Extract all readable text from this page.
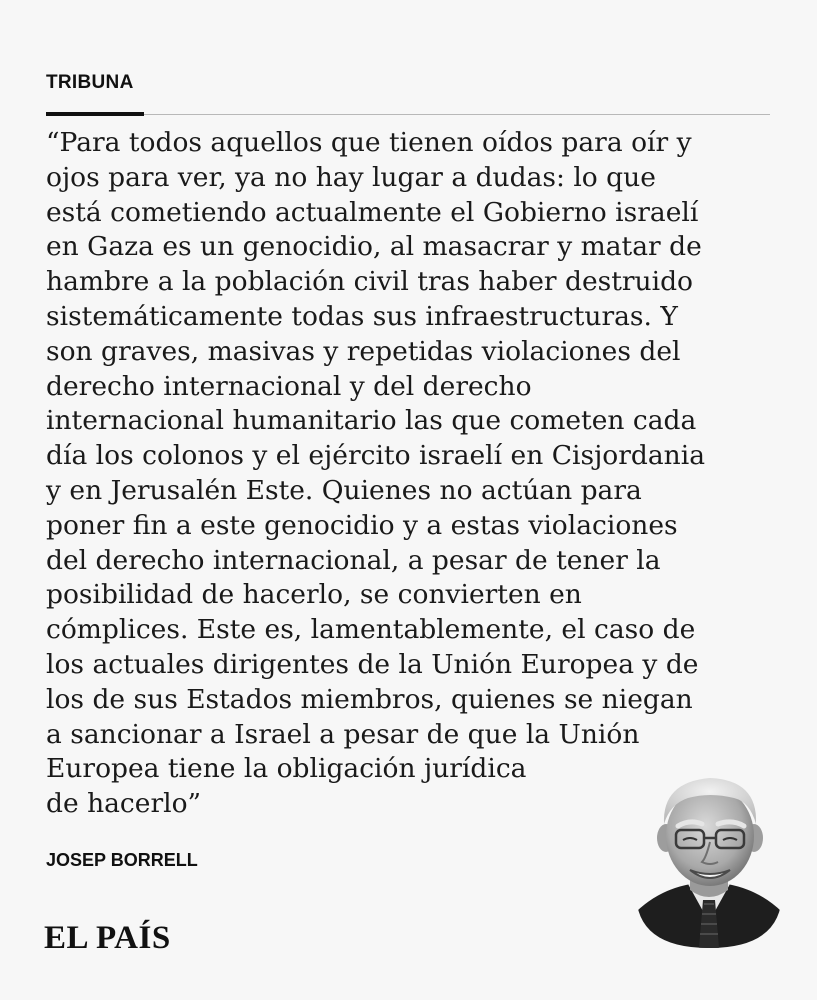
TRIBUNA
“Para todos aquellos que tienen oídos para oír y
ojos para ver, ya no hay lugar a dudas: lo que
está cometiendo actualmente el Gobierno israelí
en Gaza es un genocidio, al masacrar y matar de
hambre a la población civil tras haber destruido
sistemáticamente todas sus infraestructuras. Y
son graves, masivas y repetidas violaciones del
derecho internacional y del derecho
internacional humanitario las que cometen cada
día los colonos y el ejército israelí en Cisjordania
y en Jerusalén Este. Quienes no actúan para
poner fin a este genocidio y a estas violaciones
del derecho internacional, a pesar de tener la
posibilidad de hacerlo, se convierten en
cómplices. Este es, lamentablemente, el caso de
los actuales dirigentes de la Unión Europea y de
los de sus Estados miembros, quienes se niegan
a sancionar a Israel a pesar de que la Unión
Europea tiene la obligación jurídica
de hacerlo”
JOSEP BORRELL
EL PAÍS
